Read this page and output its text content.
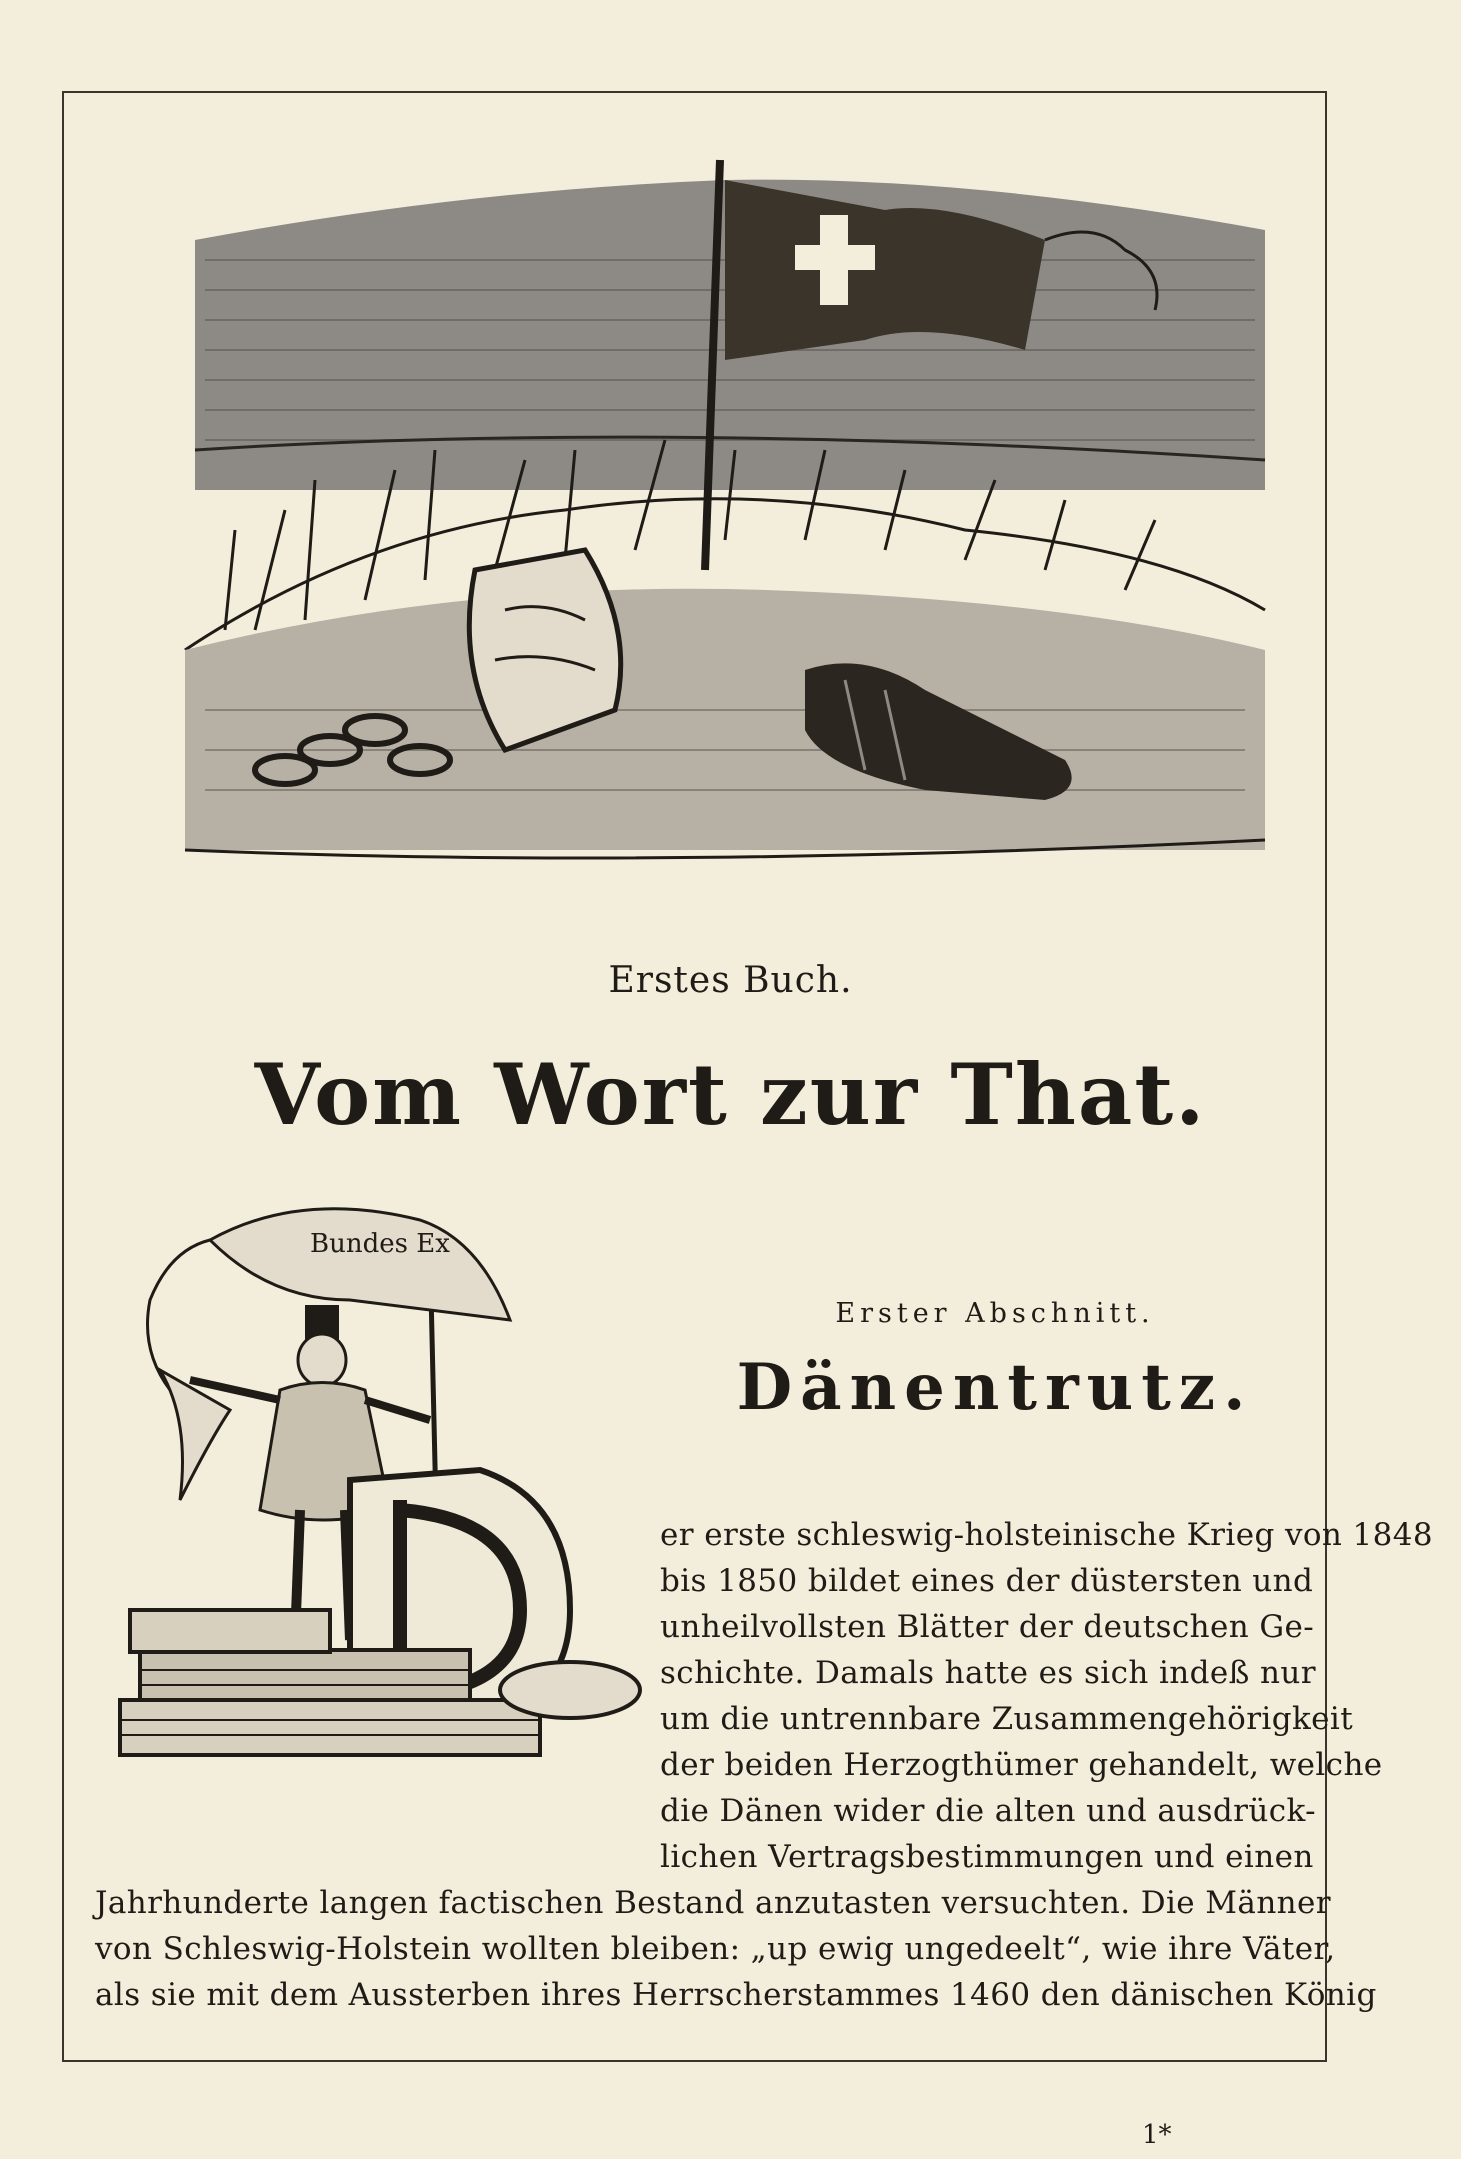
Erstes Buch.
Vom Wort zur That.
Bundes Ex
Erster Abschnitt.
Dänentrutz.
er erste schleswig-holsteinische Krieg von 1848
bis 1850 bildet eines der düstersten und
unheilvollsten Blätter der deutschen Ge-
schichte. Damals hatte es sich indeß nur
um die untrennbare Zusammengehörigkeit
der beiden Herzogthümer gehandelt, welche
die Dänen wider die alten und ausdrück-
lichen Vertragsbestimmungen und einen
Jahrhunderte langen factischen Bestand anzutasten versuchten. Die Männer
von Schleswig-Holstein wollten bleiben: „up ewig ungedeelt“, wie ihre Väter,
als sie mit dem Aussterben ihres Herrscherstammes 1460 den dänischen König
1*
